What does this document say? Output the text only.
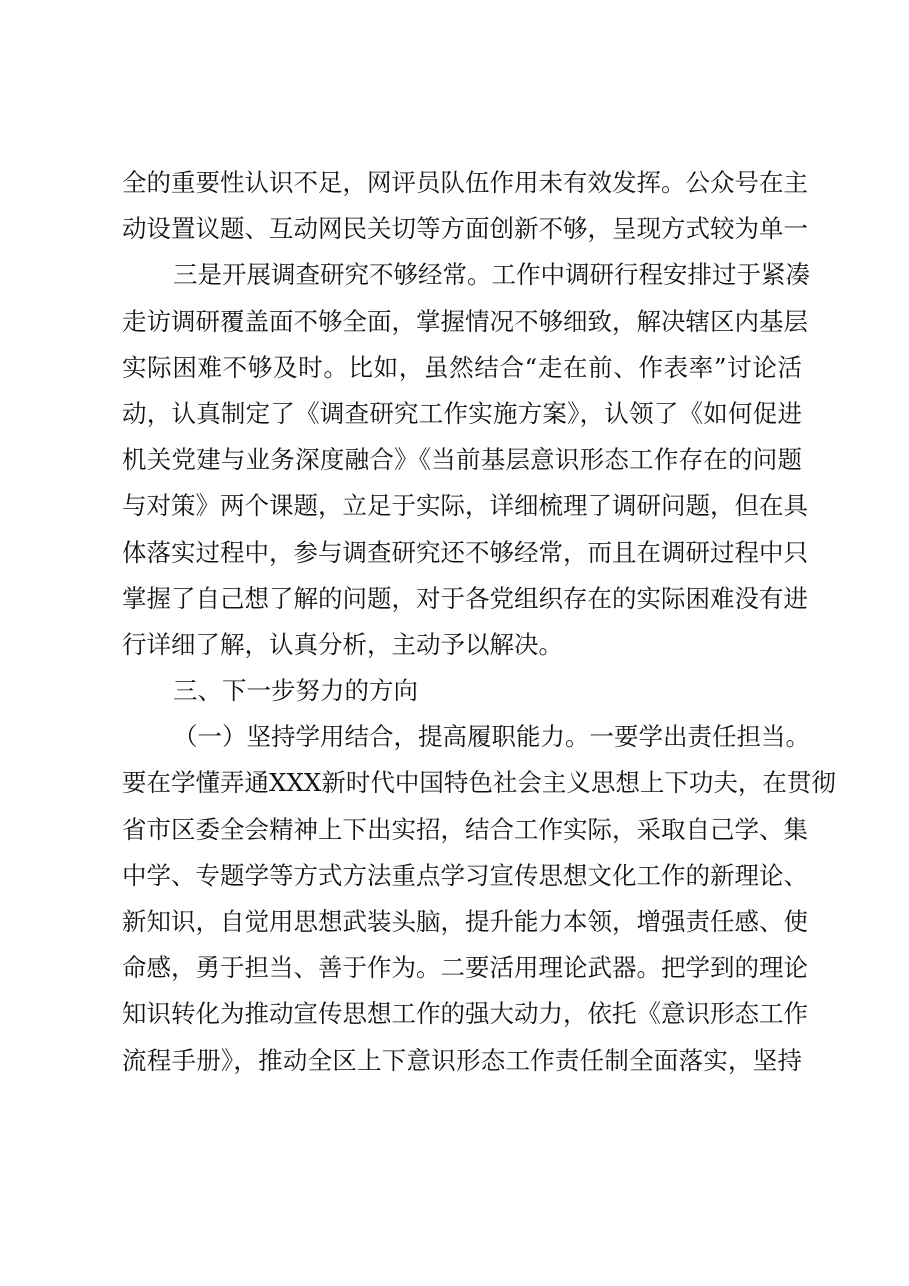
全的重要性认识不足，网评员队伍作用未有效发挥。公众号在主
动设置议题、互动网民关切等方面创新不够，呈现方式较为单一
三是开展调查研究不够经常。工作中调研行程安排过于紧凑
走访调研覆盖面不够全面，掌握情况不够细致，解决辖区内基层
实际困难不够及时。比如，虽然结合“走在前、作表率”讨论活
动，认真制定了《调查研究工作实施方案》，认领了《如何促进
机关党建与业务深度融合》《当前基层意识形态工作存在的问题
与对策》两个课题，立足于实际，详细梳理了调研问题，但在具
体落实过程中，参与调查研究还不够经常，而且在调研过程中只
掌握了自己想了解的问题，对于各党组织存在的实际困难没有进
行详细了解，认真分析，主动予以解决。
三、下一步努力的方向
（一）坚持学用结合，提高履职能力。一要学出责任担当。
要在学懂弄通XXX新时代中国特色社会主义思想上下功夫，在贯彻
省市区委全会精神上下出实招，结合工作实际，采取自己学、集
中学、专题学等方式方法重点学习宣传思想文化工作的新理论、
新知识，自觉用思想武装头脑，提升能力本领，增强责任感、使
命感，勇于担当、善于作为。二要活用理论武器。把学到的理论
知识转化为推动宣传思想工作的强大动力，依托《意识形态工作
流程手册》，推动全区上下意识形态工作责任制全面落实，坚持
